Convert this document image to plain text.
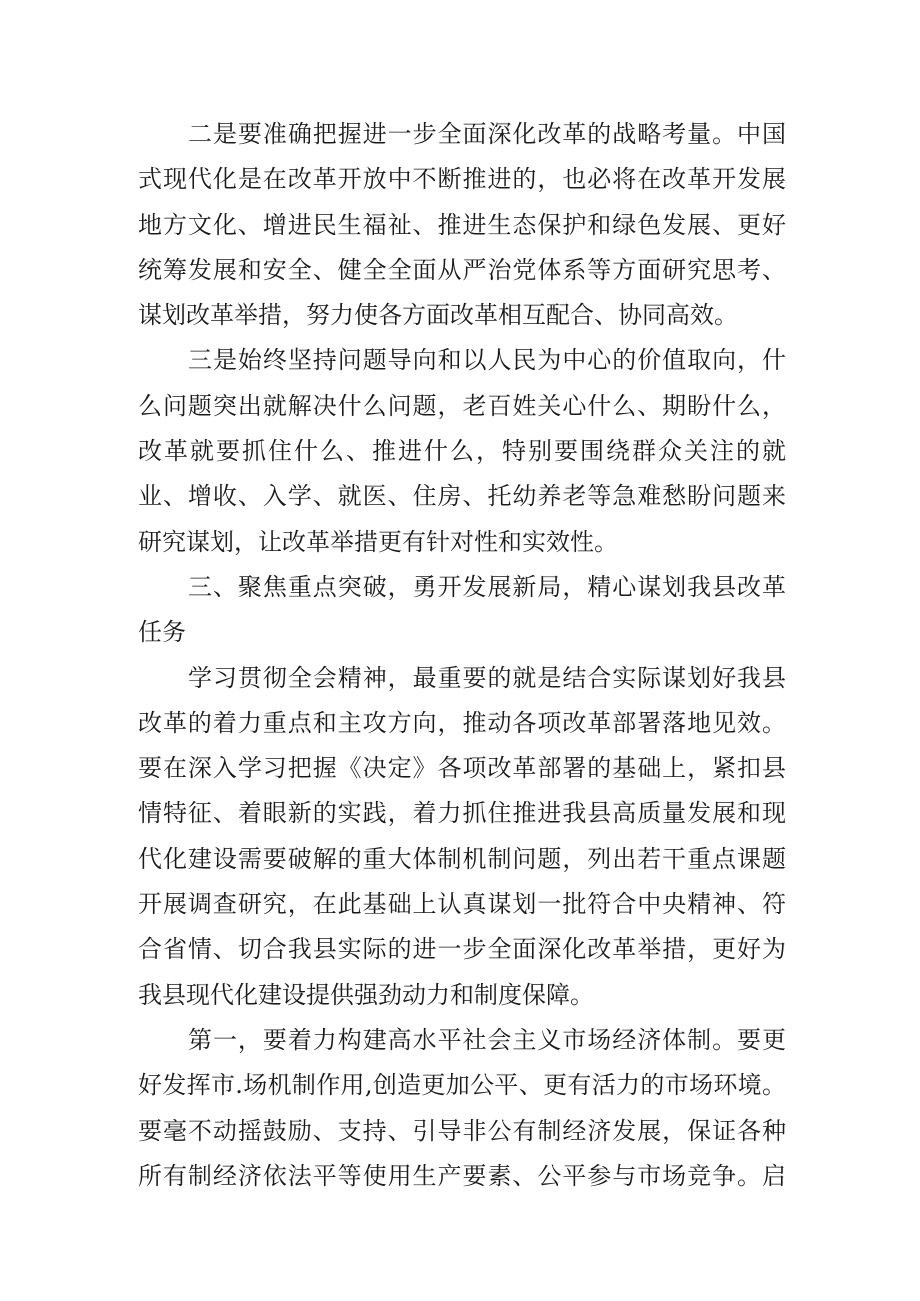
二是要准确把握进一步全面深化改革的战略考量。中国
式现代化是在改革开放中不断推进的，也必将在改革开发展
地方文化、增进民生福祉、推进生态保护和绿色发展、更好
统筹发展和安全、健全全面从严治党体系等方面研究思考、
谋划改革举措，努力使各方面改革相互配合、协同高效。
三是始终坚持问题导向和以人民为中心的价值取向，什
么问题突出就解决什么问题，老百姓关心什么、期盼什么，
改革就要抓住什么、推进什么，特别要围绕群众关注的就
业、增收、入学、就医、住房、托幼养老等急难愁盼问题来
研究谋划，让改革举措更有针对性和实效性。
三、聚焦重点突破，勇开发展新局，精心谋划我县改革
任务
学习贯彻全会精神，最重要的就是结合实际谋划好我县
改革的着力重点和主攻方向，推动各项改革部署落地见效。
要在深入学习把握《决定》各项改革部署的基础上，紧扣县
情特征、着眼新的实践，着力抓住推进我县高质量发展和现
代化建设需要破解的重大体制机制问题，列出若干重点课题
开展调查研究，在此基础上认真谋划一批符合中央精神、符
合省情、切合我县实际的进一步全面深化改革举措，更好为
我县现代化建设提供强劲动力和制度保障。
第一，要着力构建高水平社会主义市场经济体制。要更
好发挥市.场机制作用,创造更加公平、更有活力的市场环境。
要毫不动摇鼓励、支持、引导非公有制经济发展，保证各种
所有制经济依法平等使用生产要素、公平参与市场竞争。启
